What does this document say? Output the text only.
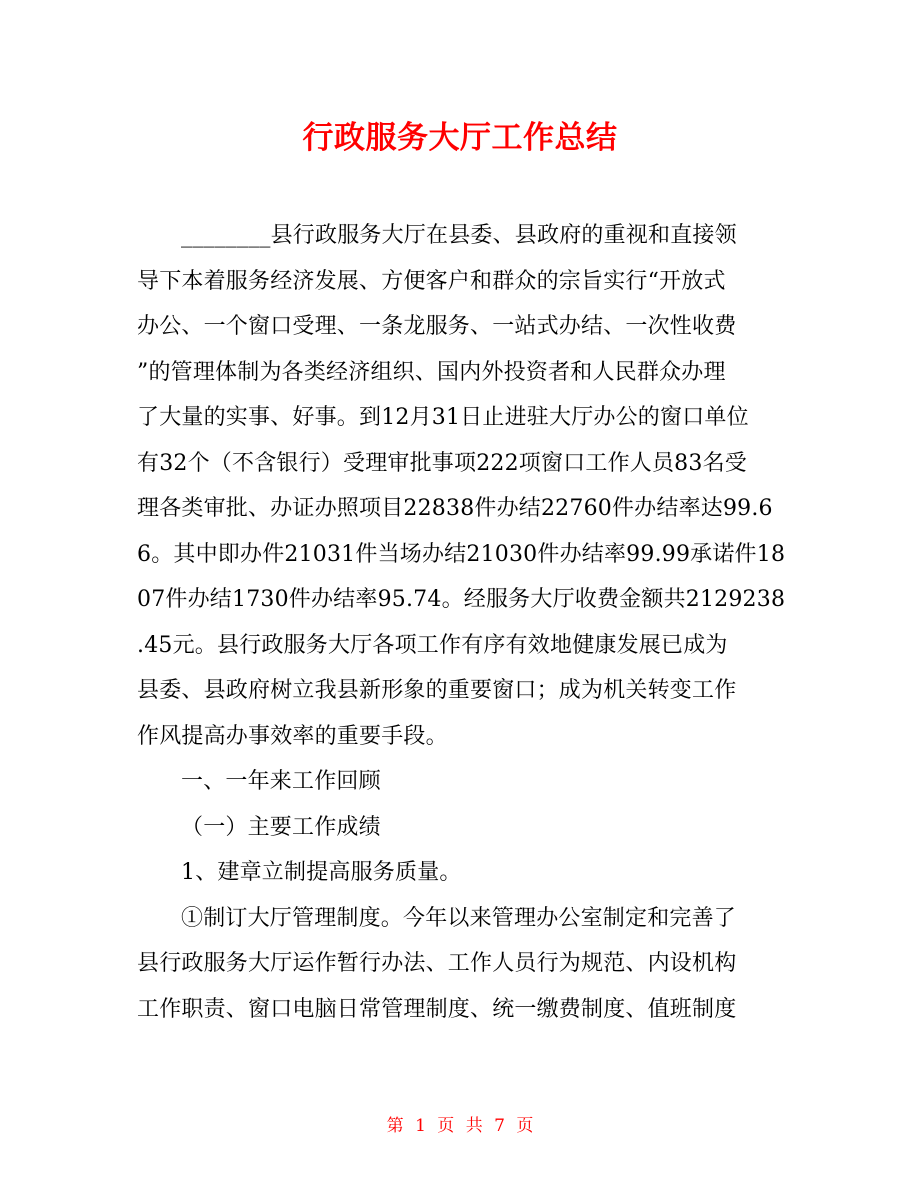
行政服务大厅工作总结
________县行政服务大厅在县委、县政府的重视和直接领
导下本着服务经济发展、方便客户和群众的宗旨实行“开放式
办公、一个窗口受理、一条龙服务、一站式办结、一次性收费
”的管理体制为各类经济组织、国内外投资者和人民群众办理
了大量的实事、好事。到12月31日止进驻大厅办公的窗口单位
有32个（不含银行）受理审批事项222项窗口工作人员83名受
理各类审批、办证办照项目22838件办结22760件办结率达99.6
6。其中即办件21031件当场办结21030件办结率99.99承诺件18
07件办结1730件办结率95.74。经服务大厅收费金额共2129238
.45元。县行政服务大厅各项工作有序有效地健康发展已成为
县委、县政府树立我县新形象的重要窗口；成为机关转变工作
作风提高办事效率的重要手段。
一、一年来工作回顾
（一）主要工作成绩
1、建章立制提高服务质量。
①制订大厅管理制度。今年以来管理办公室制定和完善了
县行政服务大厅运作暂行办法、工作人员行为规范、内设机构
工作职责、窗口电脑日常管理制度、统一缴费制度、值班制度
第 1 页 共 7 页
